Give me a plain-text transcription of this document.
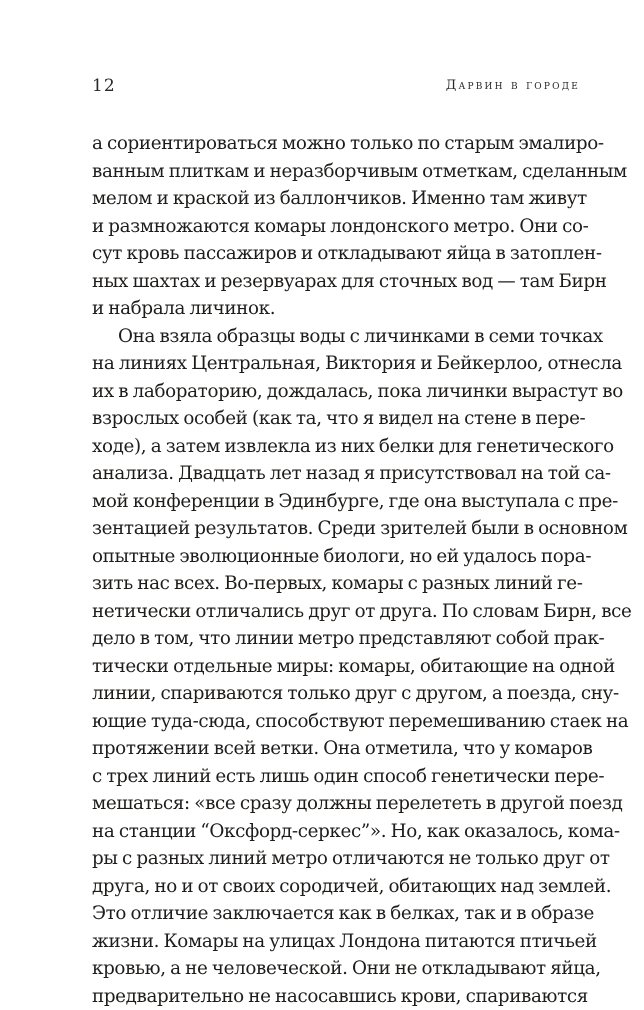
12	Дарвин в городе
а сориентироваться можно только по старым эмалиро-
ванным плиткам и неразборчивым отметкам, сделанным
мелом и краской из баллончиков. Именно там живут
и размножаются комары лондонского метро. Они со-
сут кровь пассажиров и откладывают яйца в затоплен-
ных шахтах и резервуарах для сточных вод — там Бирн
и набрала личинок.
Она взяла образцы воды с личинками в семи точках
на линиях Центральная, Виктория и Бейкерлоо, отнесла
их в лабораторию, дождалась, пока личинки вырастут во
взрослых особей (как та, что я видел на стене в пере-
ходе), а затем извлекла из них белки для генетического
анализа. Двадцать лет назад я присутствовал на той са-
мой конференции в Эдинбурге, где она выступала с пре-
зентацией результатов. Среди зрителей были в основном
опытные эволюционные биологи, но ей удалось пора-
зить нас всех. Во-первых, комары с разных линий ге-
нетически отличались друг от друга. По словам Бирн, все
дело в том, что линии метро представляют собой прак-
тически отдельные миры: комары, обитающие на одной
линии, спариваются только друг с другом, а поезда, сну-
ющие туда-сюда, способствуют перемешиванию стаек на
протяжении всей ветки. Она отметила, что у комаров
с трех линий есть лишь один способ генетически пере-
мешаться: «все сразу должны перелететь в другой поезд
на станции “Оксфорд-серкес”». Но, как оказалось, кома-
ры с разных линий метро отличаются не только друг от
друга, но и от своих сородичей, обитающих над землей.
Это отличие заключается как в белках, так и в образе
жизни. Комары на улицах Лондона питаются птичьей
кровью, а не человеческой. Они не откладывают яйца,
предварительно не насосавшись крови, спариваются
